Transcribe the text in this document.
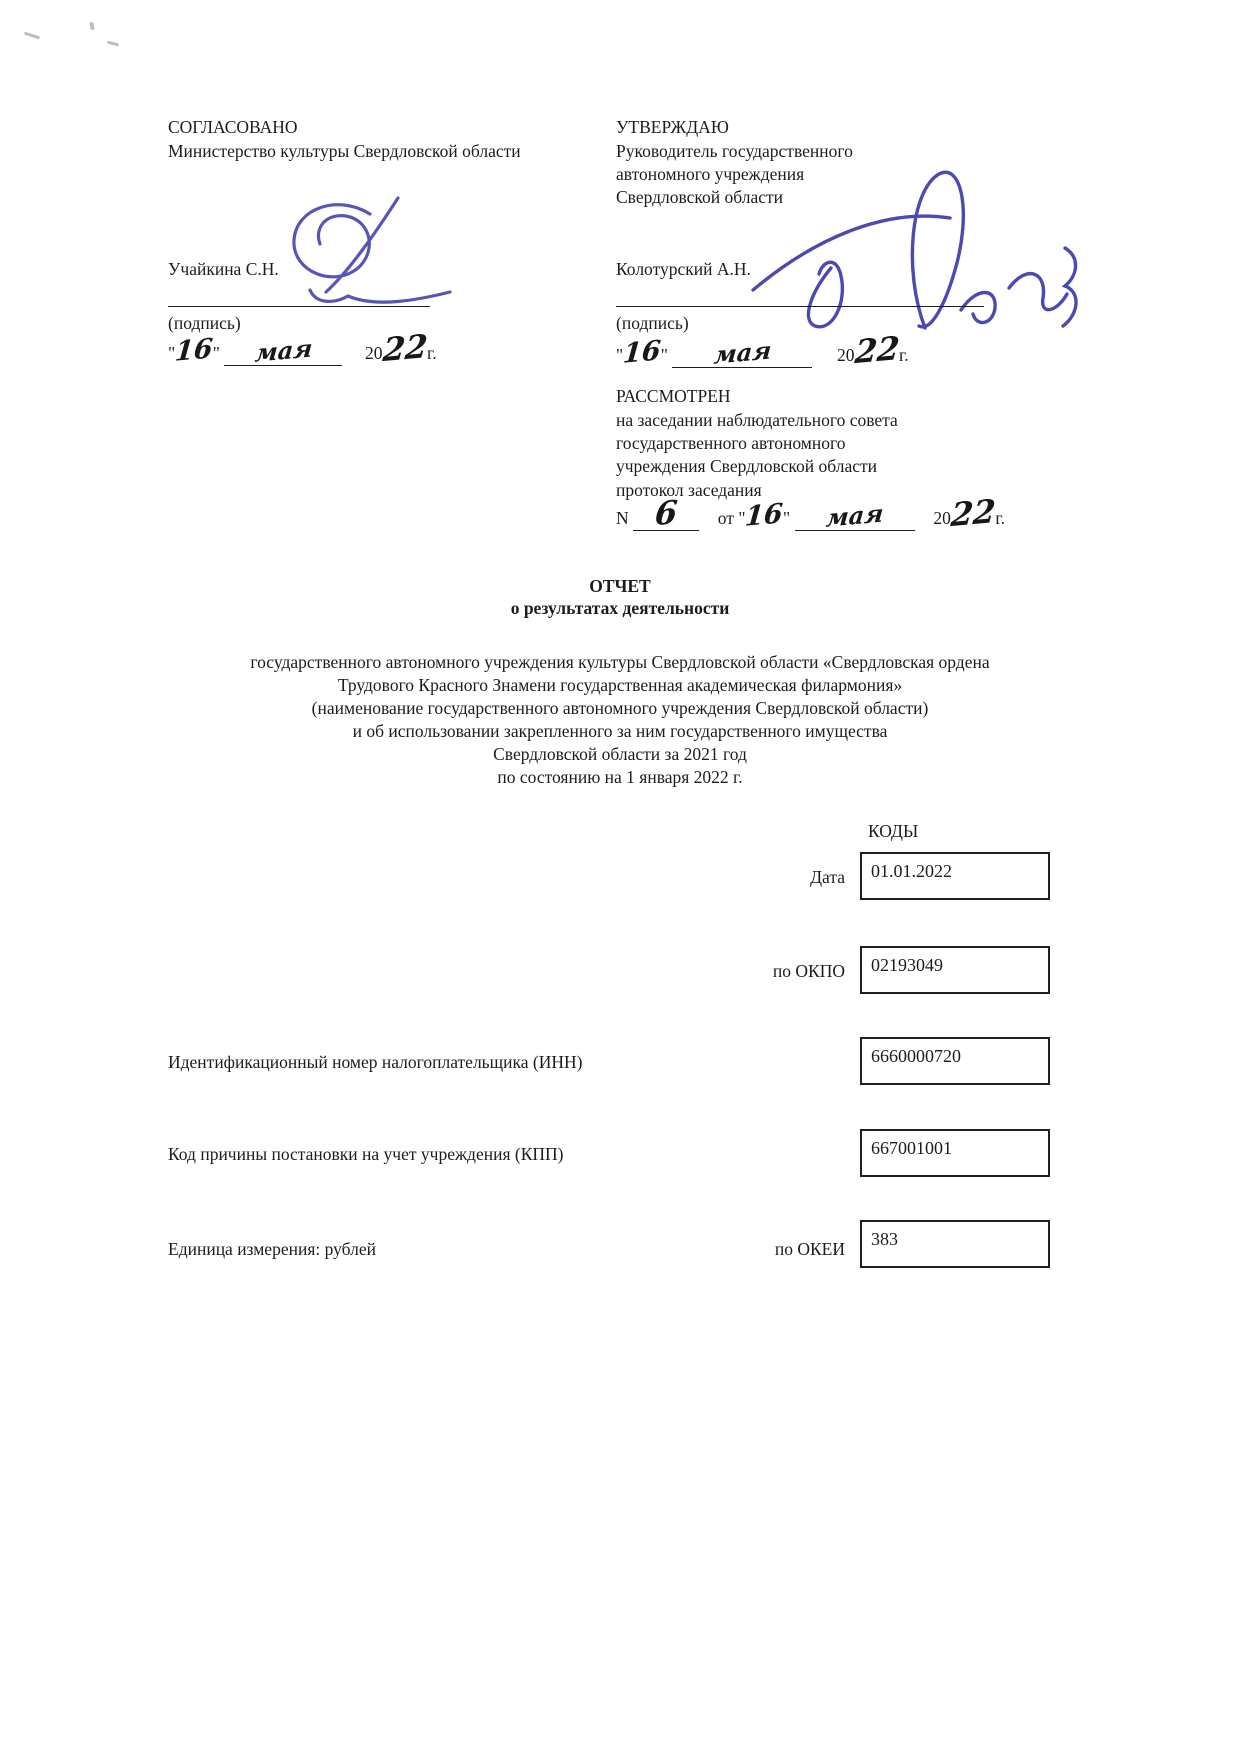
СОГЛАСОВАНО
Министерство культуры Свердловской области
Учайкина С.Н.
(подпись)
"16" мая	2022г.
УТВЕРЖДАЮ
Руководитель государственного
автономного учреждения
Свердловской области
Колотурский А.Н.
(подпись)
"16" мая	2022г.
РАССМОТРЕН
на заседании наблюдательного совета
государственного автономного
учреждения Свердловской области
протокол заседания
N 6 от "16" мая	2022г.
ОТЧЕТ
о результатах деятельности
государственного автономного учреждения культуры Свердловской области «Свердловская ордена
Трудового Красного Знамени государственная академическая филармония»
(наименование государственного автономного учреждения Свердловской области)
и об использовании закрепленного за ним государственного имущества
Свердловской области за 2021 год
по состоянию на 1 января 2022 г.
КОДЫ
Дата	01.01.2022
по ОКПО	02193049
Идентификационный номер налогоплательщика (ИНН)	6660000720
Код причины постановки на учет учреждения (КПП)	667001001
Единица измерения: рублей	по ОКЕИ	383
